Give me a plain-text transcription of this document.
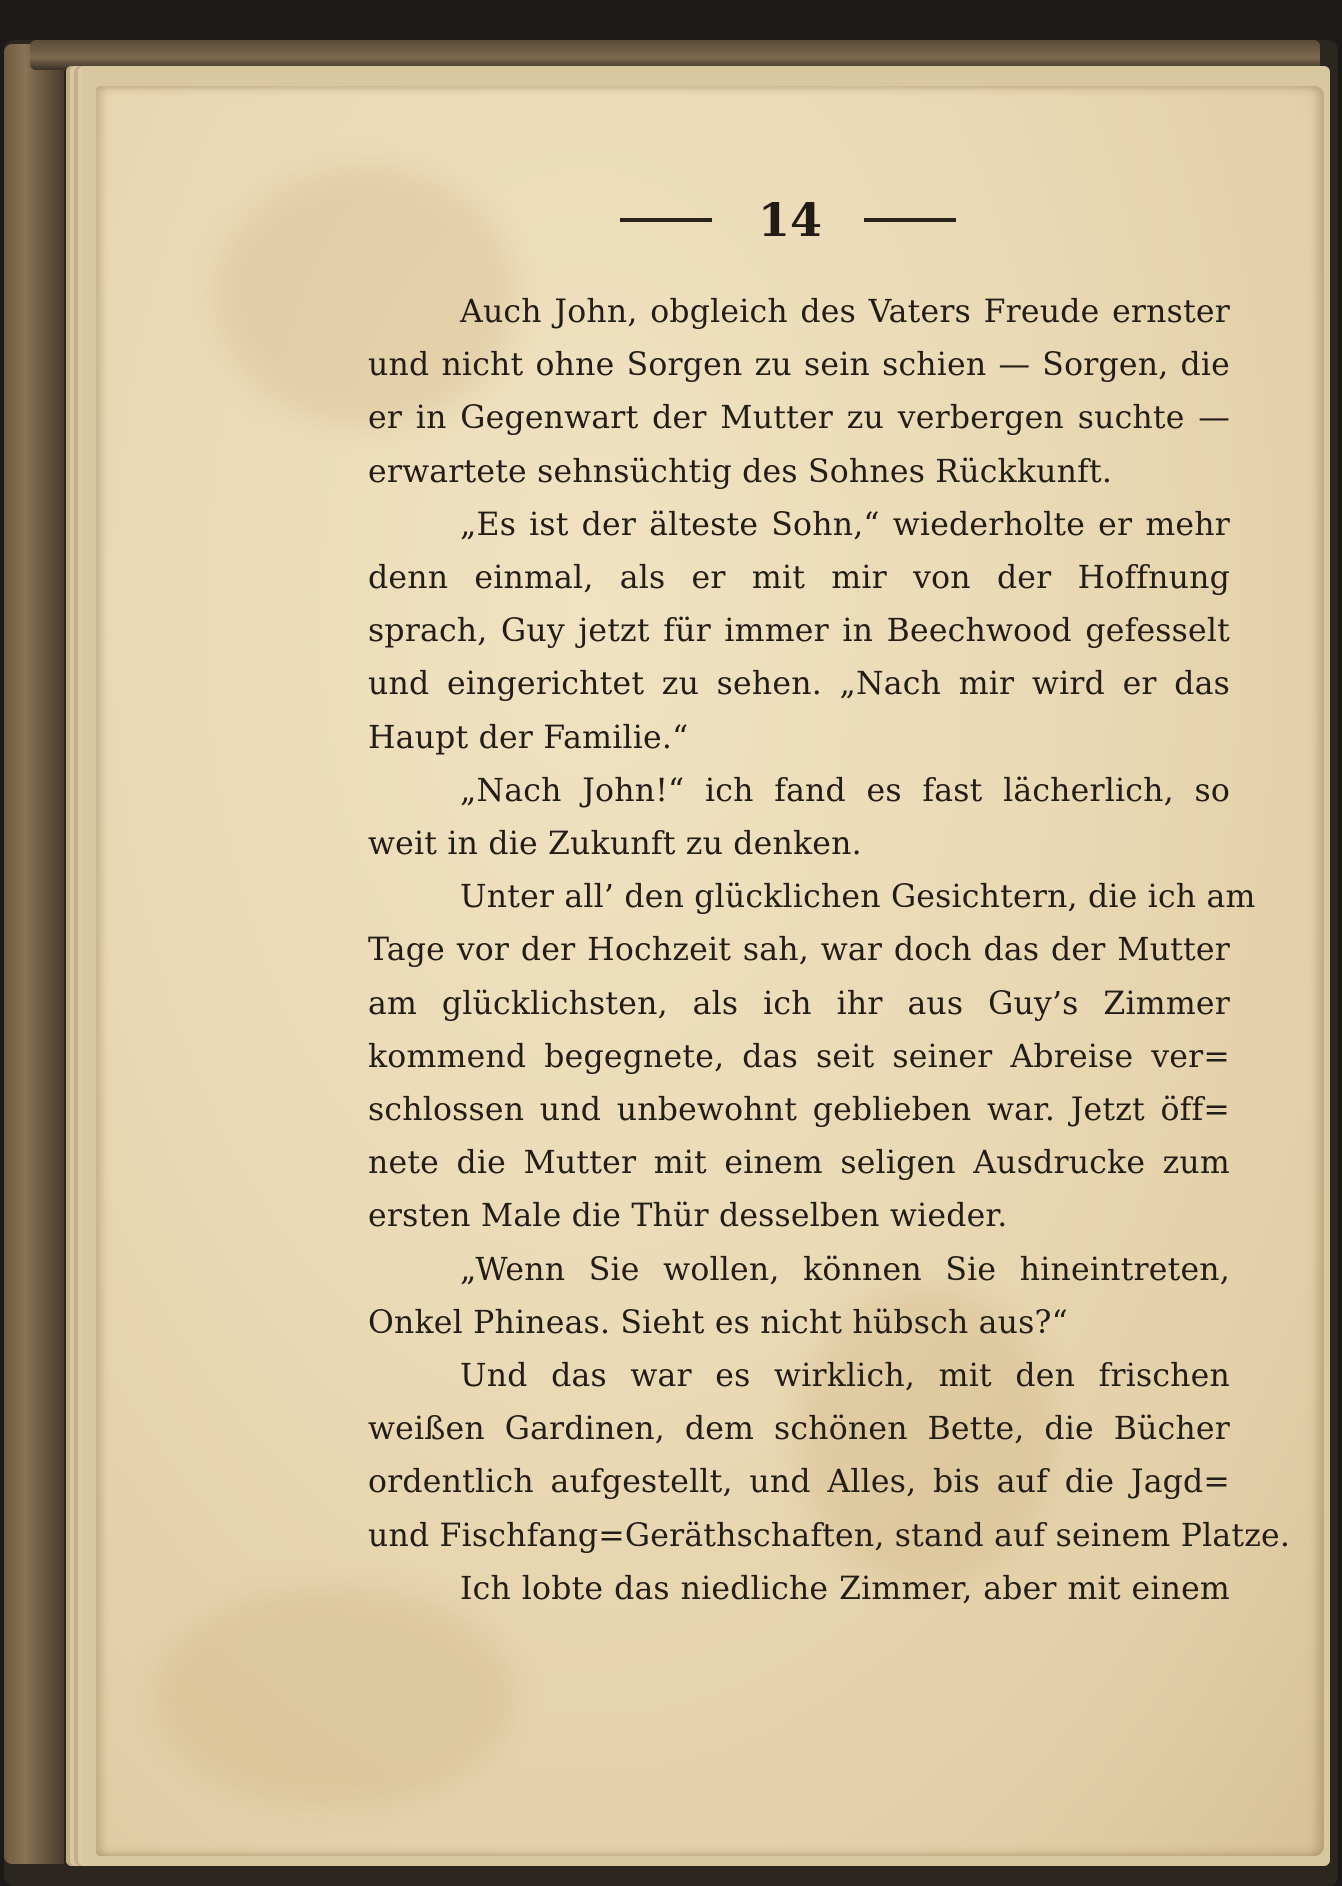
14

Auch John, obgleich des Vaters Freude ernster
und nicht ohne Sorgen zu sein schien — Sorgen, die
er in Gegenwart der Mutter zu verbergen suchte —
erwartete sehnsüchtig des Sohnes Rückkunft.

„Es ist der älteste Sohn,“ wiederholte er mehr
denn einmal, als er mit mir von der Hoffnung
sprach, Guy jetzt für immer in Beechwood gefesselt
und eingerichtet zu sehen. „Nach mir wird er das
Haupt der Familie.“

„Nach John!“ ich fand es fast lächerlich, so
weit in die Zukunft zu denken.

Unter all’ den glücklichen Gesichtern, die ich am
Tage vor der Hochzeit sah, war doch das der Mutter
am glücklichsten, als ich ihr aus Guy’s Zimmer
kommend begegnete, das seit seiner Abreise ver=
schlossen und unbewohnt geblieben war. Jetzt öff=
nete die Mutter mit einem seligen Ausdrucke zum
ersten Male die Thür desselben wieder.

„Wenn Sie wollen, können Sie hineintreten,
Onkel Phineas. Sieht es nicht hübsch aus?“

Und das war es wirklich, mit den frischen
weißen Gardinen, dem schönen Bette, die Bücher
ordentlich aufgestellt, und Alles, bis auf die Jagd=
und Fischfang=Geräthschaften, stand auf seinem Platze.

Ich lobte das niedliche Zimmer, aber mit einem
